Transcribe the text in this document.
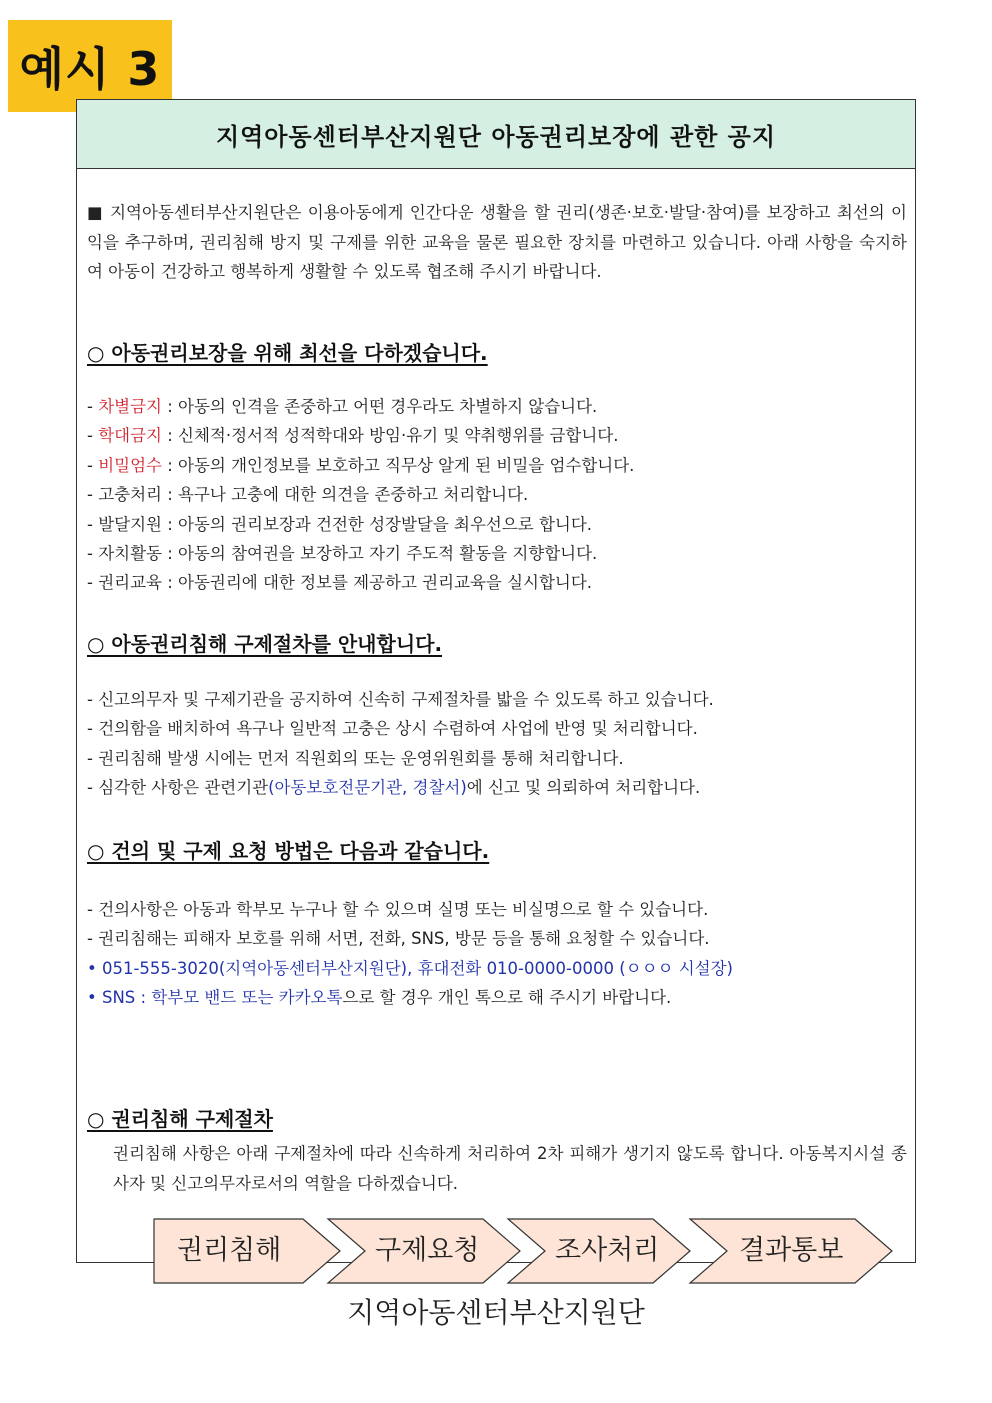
예시 3
지역아동센터부산지원단 아동권리보장에 관한 공지
■ 지역아동센터부산지원단은 이용아동에게 인간다운 생활을 할 권리(생존·보호·발달·참여)를 보장하고 최선의 이익을 추구하며, 권리침해 방지 및 구제를 위한 교육을 물론 필요한 장치를 마련하고 있습니다. 아래 사항을 숙지하여 아동이 건강하고 행복하게 생활할 수 있도록 협조해 주시기 바랍니다.
○ 아동권리보장을 위해 최선을 다하겠습니다.
- 차별금지 : 아동의 인격을 존중하고 어떤 경우라도 차별하지 않습니다.
- 학대금지 : 신체적·정서적 성적학대와 방임·유기 및 약취행위를 금합니다.
- 비밀엄수 : 아동의 개인정보를 보호하고 직무상 알게 된 비밀을 엄수합니다.
- 고충처리 : 욕구나 고충에 대한 의견을 존중하고 처리합니다.
- 발달지원 : 아동의 권리보장과 건전한 성장발달을 최우선으로 합니다.
- 자치활동 : 아동의 참여권을 보장하고 자기 주도적 활동을 지향합니다.
- 권리교육 : 아동권리에 대한 정보를 제공하고 권리교육을 실시합니다.
○ 아동권리침해 구제절차를 안내합니다.
- 신고의무자 및 구제기관을 공지하여 신속히 구제절차를 밟을 수 있도록 하고 있습니다.
- 건의함을 배치하여 욕구나 일반적 고충은 상시 수렴하여 사업에 반영 및 처리합니다.
- 권리침해 발생 시에는 먼저 직원회의 또는 운영위원회를 통해 처리합니다.
- 심각한 사항은 관련기관(아동보호전문기관, 경찰서)에 신고 및 의뢰하여 처리합니다.
○ 건의 및 구제 요청 방법은 다음과 같습니다.
- 건의사항은 아동과 학부모 누구나 할 수 있으며 실명 또는 비실명으로 할 수 있습니다.
- 권리침해는 피해자 보호를 위해 서면, 전화, SNS, 방문 등을 통해 요청할 수 있습니다.
• 051-555-3020(지역아동센터부산지원단), 휴대전화 010-0000-0000 (ㅇㅇㅇ 시설장)
• SNS : 학부모 밴드 또는 카카오톡으로 할 경우 개인 톡으로 해 주시기 바랍니다.
○ 권리침해 구제절차
권리침해 사항은 아래 구제절차에 따라 신속하게 처리하여 2차 피해가 생기지 않도록 합니다. 아동복지시설 종사자 및 신고의무자로서의 역할을 다하겠습니다.
권리침해	구제요청	조사처리	결과통보
지역아동센터부산지원단
